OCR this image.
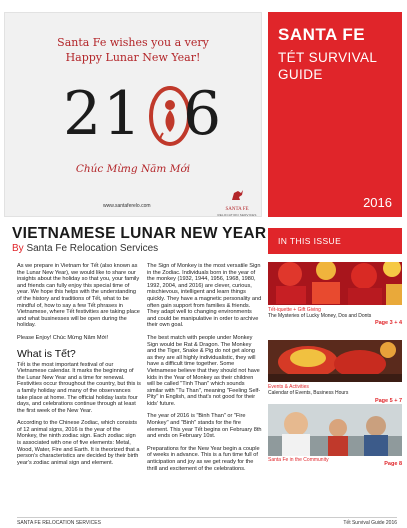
Santa Fe wishes you a very
Happy Lunar New Year!
2 1 6
Chúc Mừng Năm Mới
www.santaferelo.com
SANTA FE
RELOCATION SERVICES
SANTA FE
TÉT SURVIVAL
GUIDE
2016
VIETNAMESE LUNAR NEW YEAR
By Santa Fe Relocation Services

As we prepare in Vietnam for Tết (also known as the Lunar New Year), we would like to share our insights about the holiday so that you, your family and friends can fully enjoy this special time of year. We hope this helps with the understanding of the history and traditions of Tết, what to be mindful of, how to say a few Tết phrases in Vietnamese, where Tết festivities are taking place and what businesses will be open during the holiday.

Please Enjoy! Chúc Mừng Năm Mới!

What is Tết?

Tết is the most important festival of our Vietnamese calendar. It marks the beginning of the Lunar New Year and a time for renewal. Festivities occur throughout the country, but this is a family holiday and many of the observances take place at home. The official holiday lasts four days, and celebrations continue through at least the first week of the New Year.

According to the Chinese Zodiac, which consists of 12 animal signs, 2016 is the year of the Monkey, the ninth zodiac sign. Each zodiac sign is associated with one of five elements: Metal, Wood, Water, Fire and Earth. It is theorized that a person's characteristics are decided by their birth year's zodiac animal sign and element.

The Sign of Monkey is the most versatile Sign in the Zodiac. Individuals born in the year of the monkey (1932, 1944, 1956, 1968, 1980, 1992, 2004, and 2016) are clever, curious, mischievous, intelligent and learn things quickly. They have a magnetic personality and often gain support from families & friends. They adapt well to changing environments and could be manipulative in order to archive their own goal.

The best match with people under Monkey Sign would be Rat & Dragon. The Monkey and the Tiger, Snake & Pig do not get along as they are all highly individualistic, they will have a difficult time together. Some Vietnamese believe that they should not have kids in the Year of Monkey as their children will be called "Tinh Than" which sounds similar with "Tu Than", meaning "Feeling Self-Pity" in English, and that's not good for their kids' future.

The year of 2016 is "Binh Than" or "Fire Monkey" and "Binh" stands for the fire element. This year Tết begins on February 8th and ends on February 10st.

Preparations for the New Year begin a couple of weeks in advance. This is a fun time full of anticipation and joy as we get ready for the thrill and excitement of the celebrations.

IN THIS ISSUE
Tết-iquette + Gift Giving
The Mysteries of Lucky Money, Dos and Donts
Page 3 + 4
Events & Activities
Calendar of Events, Business Hours
Page 5 + 7
Santa Fe in the Community
Page 8
SANTA FE RELOCATION SERVICES	Tết Survival Guide 2016
